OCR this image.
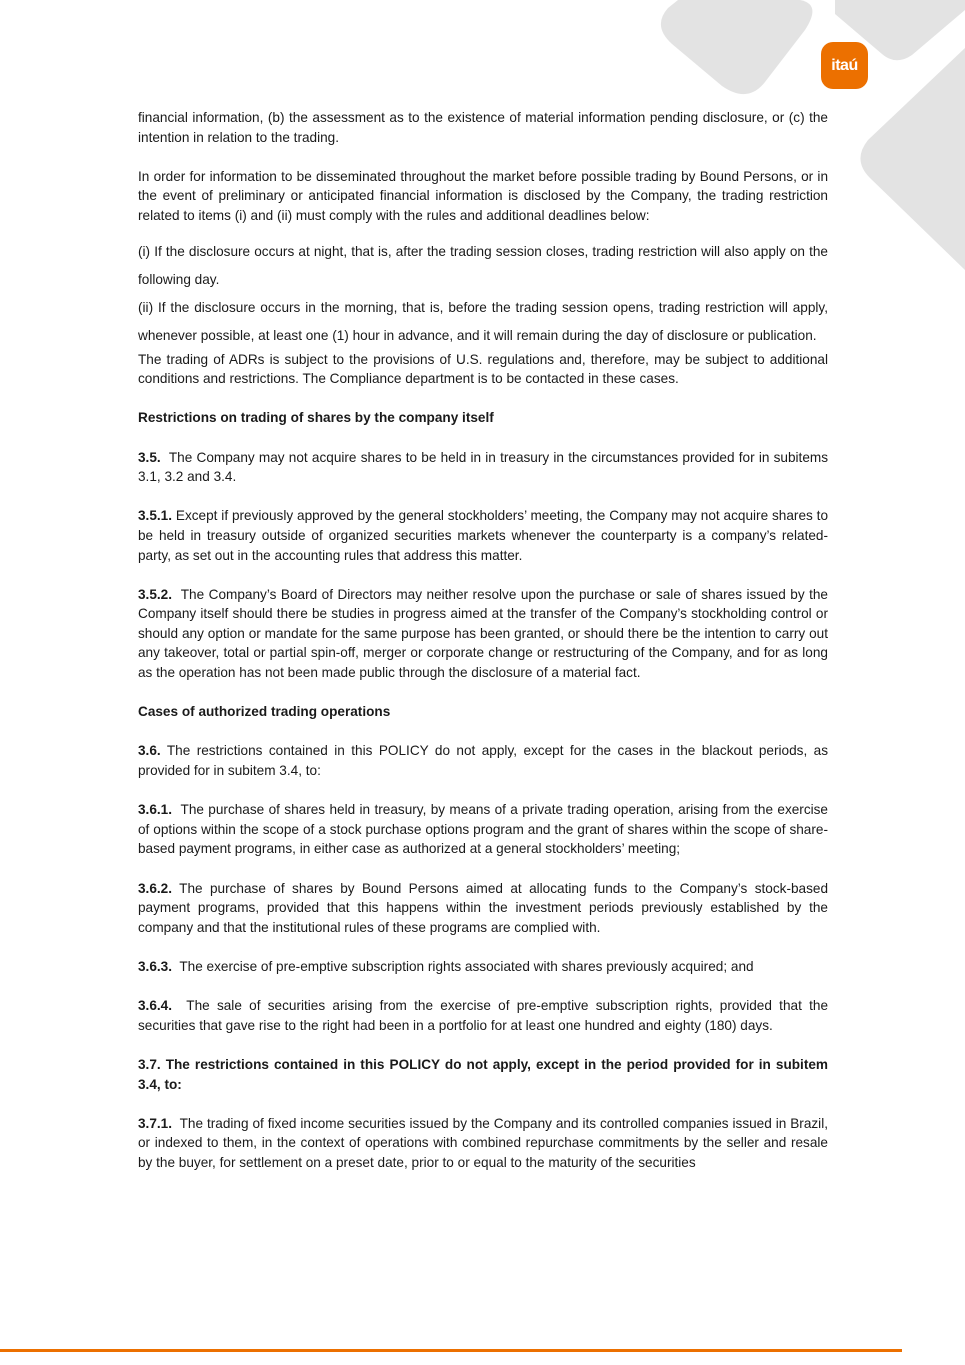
itaú

financial information, (b) the assessment as to the existence of material information pending disclosure, or (c) the intention in relation to the trading.

In order for information to be disseminated throughout the market before possible trading by Bound Persons, or in the event of preliminary or anticipated financial information is disclosed by the Company, the trading restriction related to items (i) and (ii) must comply with the rules and additional deadlines below:

(i) If the disclosure occurs at night, that is, after the trading session closes, trading restriction will also apply on the following day.

(ii) If the disclosure occurs in the morning, that is, before the trading session opens, trading restriction will apply, whenever possible, at least one (1) hour in advance, and it will remain during the day of disclosure or publication.

The trading of ADRs is subject to the provisions of U.S. regulations and, therefore, may be subject to additional conditions and restrictions. The Compliance department is to be contacted in these cases.

Restrictions on trading of shares by the company itself

3.5. The Company may not acquire shares to be held in in treasury in the circumstances provided for in subitems 3.1, 3.2 and 3.4.

3.5.1. Except if previously approved by the general stockholders’ meeting, the Company may not acquire shares to be held in treasury outside of organized securities markets whenever the counterparty is a company’s related-party, as set out in the accounting rules that address this matter.

3.5.2. The Company’s Board of Directors may neither resolve upon the purchase or sale of shares issued by the Company itself should there be studies in progress aimed at the transfer of the Company’s stockholding control or should any option or mandate for the same purpose has been granted, or should there be the intention to carry out any takeover, total or partial spin-off, merger or corporate change or restructuring of the Company, and for as long as the operation has not been made public through the disclosure of a material fact.

Cases of authorized trading operations

3.6. The restrictions contained in this POLICY do not apply, except for the cases in the blackout periods, as provided for in subitem 3.4, to:

3.6.1. The purchase of shares held in treasury, by means of a private trading operation, arising from the exercise of options within the scope of a stock purchase options program and the grant of shares within the scope of share-based payment programs, in either case as authorized at a general stockholders’ meeting;

3.6.2. The purchase of shares by Bound Persons aimed at allocating funds to the Company’s stock-based payment programs, provided that this happens within the investment periods previously established by the company and that the institutional rules of these programs are complied with.

3.6.3. The exercise of pre-emptive subscription rights associated with shares previously acquired; and

3.6.4. The sale of securities arising from the exercise of pre-emptive subscription rights, provided that the securities that gave rise to the right had been in a portfolio for at least one hundred and eighty (180) days.

3.7. The restrictions contained in this POLICY do not apply, except in the period provided for in subitem 3.4, to:

3.7.1. The trading of fixed income securities issued by the Company and its controlled companies issued in Brazil, or indexed to them, in the context of operations with combined repurchase commitments by the seller and resale by the buyer, for settlement on a preset date, prior to or equal to the maturity of the securities
